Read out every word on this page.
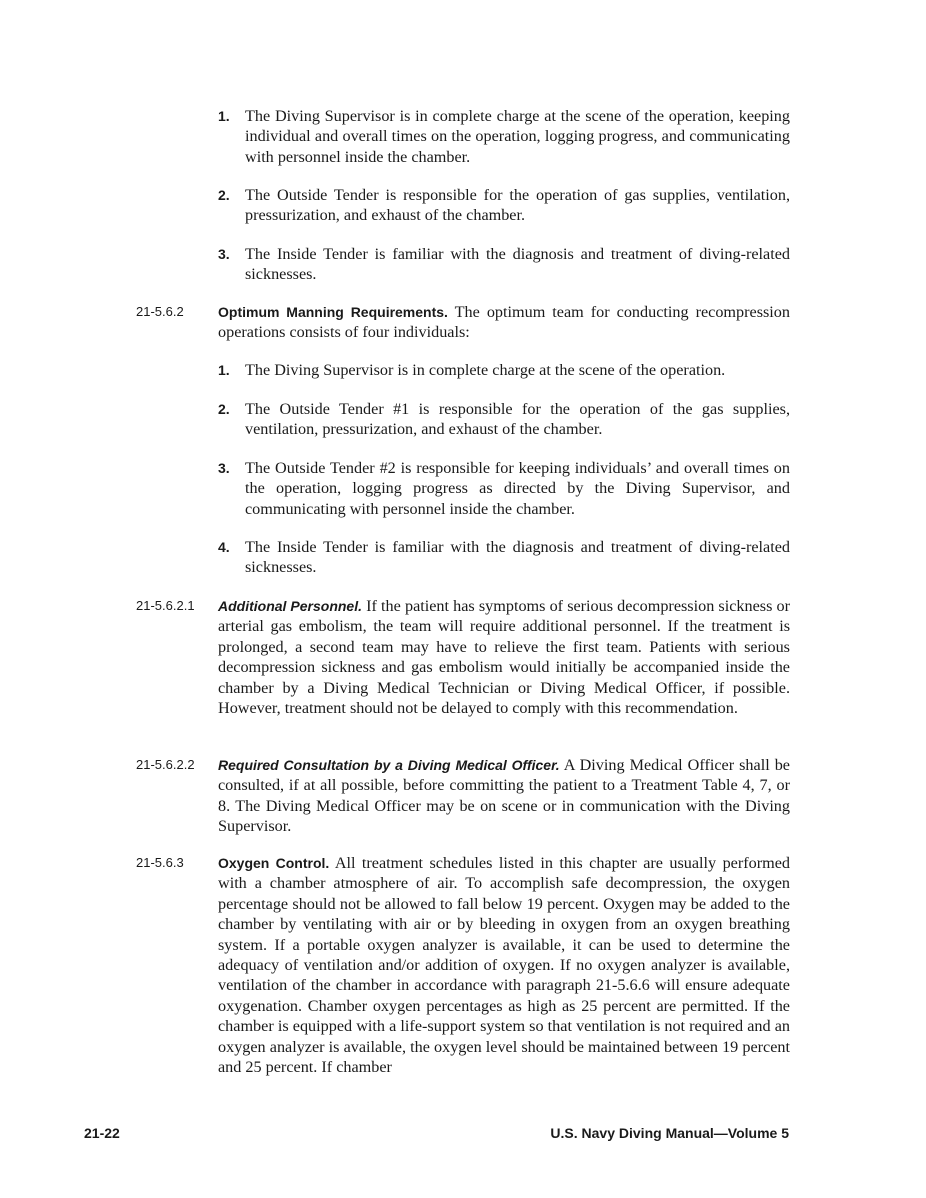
1. The Diving Supervisor is in complete charge at the scene of the operation, keeping individual and overall times on the operation, logging progress, and communicating with personnel inside the chamber.
2. The Outside Tender is responsible for the operation of gas supplies, ventilation, pressurization, and exhaust of the chamber.
3. The Inside Tender is familiar with the diagnosis and treatment of diving-related sicknesses.
21-5.6.2 Optimum Manning Requirements. The optimum team for conducting recompression operations consists of four individuals:
1. The Diving Supervisor is in complete charge at the scene of the operation.
2. The Outside Tender #1 is responsible for the operation of the gas supplies, ventilation, pressurization, and exhaust of the chamber.
3. The Outside Tender #2 is responsible for keeping individuals’ and overall times on the operation, logging progress as directed by the Diving Supervisor, and communicating with personnel inside the chamber.
4. The Inside Tender is familiar with the diagnosis and treatment of diving-related sicknesses.
21-5.6.2.1 Additional Personnel. If the patient has symptoms of serious decompression sickness or arterial gas embolism, the team will require additional personnel. If the treatment is prolonged, a second team may have to relieve the first team. Patients with serious decompression sickness and gas embolism would initially be accompanied inside the chamber by a Diving Medical Technician or Diving Medical Officer, if possible. However, treatment should not be delayed to comply with this recommendation.
21-5.6.2.2 Required Consultation by a Diving Medical Officer. A Diving Medical Officer shall be consulted, if at all possible, before committing the patient to a Treatment Table 4, 7, or 8. The Diving Medical Officer may be on scene or in communication with the Diving Supervisor.
21-5.6.3 Oxygen Control. All treatment schedules listed in this chapter are usually performed with a chamber atmosphere of air. To accomplish safe decompression, the oxygen percentage should not be allowed to fall below 19 percent. Oxygen may be added to the chamber by ventilating with air or by bleeding in oxygen from an oxygen breathing system. If a portable oxygen analyzer is available, it can be used to determine the adequacy of ventilation and/or addition of oxygen. If no oxygen analyzer is available, ventilation of the chamber in accordance with paragraph 21-5.6.6 will ensure adequate oxygenation. Chamber oxygen percentages as high as 25 percent are permitted. If the chamber is equipped with a life-support system so that ventilation is not required and an oxygen analyzer is available, the oxygen level should be maintained between 19 percent and 25 percent. If chamber
21-22	U.S. Navy Diving Manual—Volume 5
